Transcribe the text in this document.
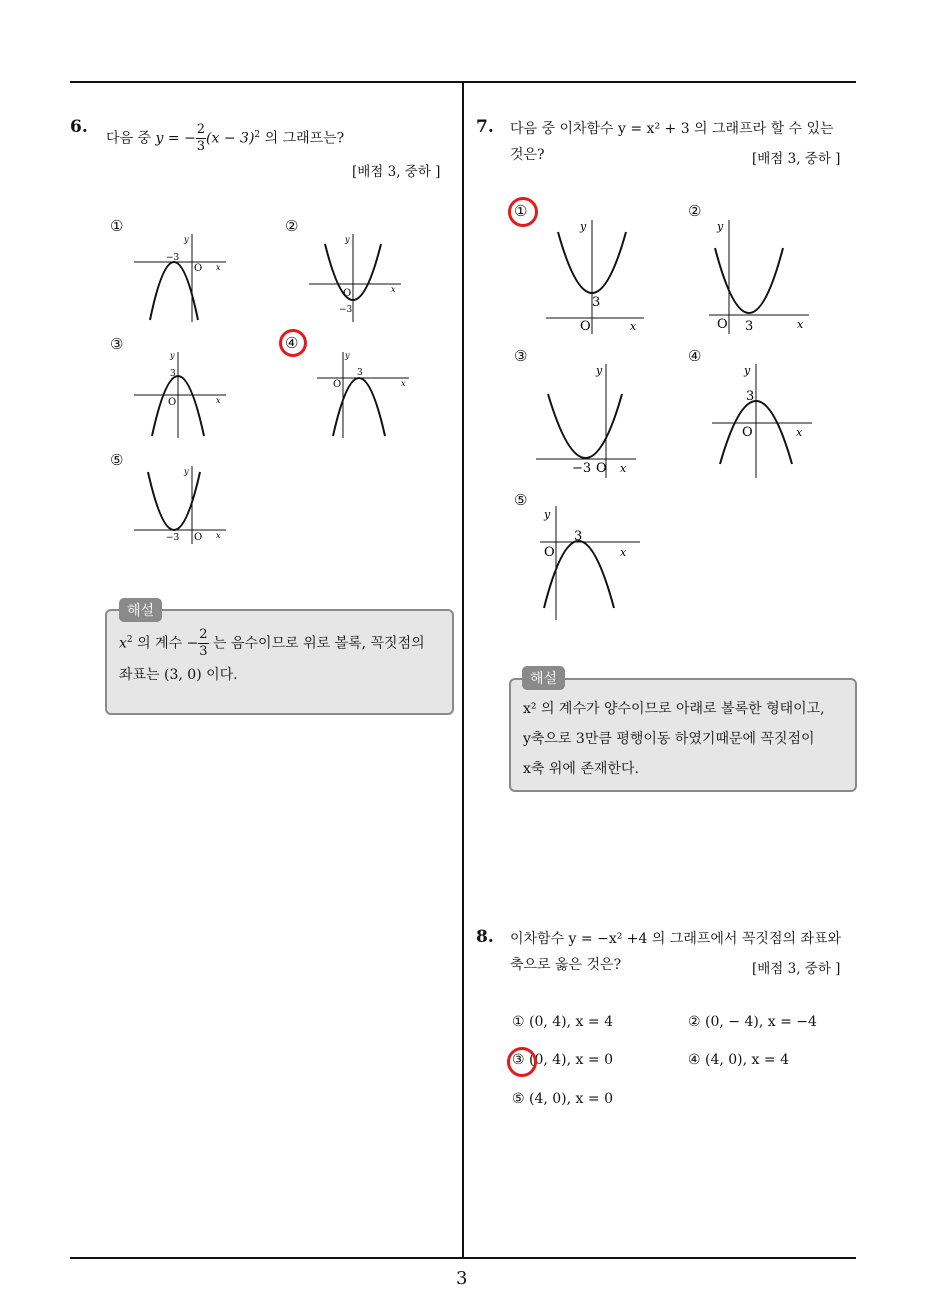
6.
다음 중 y = − $\frac{2}{3} (x - 3)^2$ 의 그래프는?
[배점 3, 중하 ]
①	②
③	④
⑤
−3
O x
y
O
−3
x
y
3
O	x
y
O
3
x
y
−3 O x
y
$x^2$ 의 계수 − $\frac{2}{3}$ 는 음수이므로 위로 볼록, 꼭짓점의
좌표는 (3, 0) 이다.
해설
7. 다음 중 이차함수 y = x² + 3 의 그래프라 할 수 있는
것은?	[배점 3, 중하 ]
①	②
③	④
⑤
3
O	x
y
O 3	x
y
−3 O x
y
3
O	x
y
O
3
x
y
x² 의 계수가 양수이므로 아래로 볼록한 형태이고,
y축으로 3만큼 평행이동 하였기때문에 꼭짓점이
x축 위에 존재한다.
해설
8. 이차함수 y = −x² +4 의 그래프에서 꼭짓점의 좌표와
축으로 옳은 것은?	[배점 3, 중하 ]
① (0, 4), x = 4	② (0, − 4), x = −4
③ (0, 4), x = 0	④ (4, 0), x = 4
⑤ (4, 0), x = 0
3
